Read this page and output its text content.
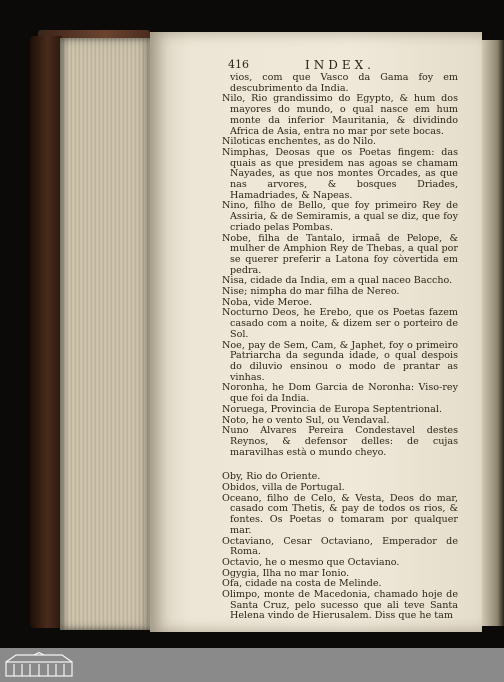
416	INDEX.
vios, com que Vasco da Gama foy em descubrimento da India.
Nilo, Rio grandissimo do Egypto, & hum dos mayores do mundo, o qual nasce em hum monte da inferior Mauritania, & dividindo Africa de Asia, entra no mar por sete bocas.
Niloticas enchentes, as do Nilo.
Nimphas, Deosas que os Poetas fingem: das quais as que presidem nas agoas se chamam Nayades, as que nos montes Orcades, as que nas arvores, & bosques Driades, Hamadriades, & Napeas.
Nino, filho de Bello, que foy primeiro Rey de Assiria, & de Semiramis, a qual se diz, que foy criado pelas Pombas.
Nobe, filha de Tantalo, irmaã de Pelope, & mulher de Amphion Rey de Thebas, a qual por se querer preferir a Latona foy còvertida em pedra.
Nisa, cidade da India, em a qual naceo Baccho.
Nise; nimpha do mar filha de Nereo.
Noba, vide Meroe.
Nocturno Deos, he Erebo, que os Poetas fazem casado com a noite, & dizem ser o porteiro de Sol.
Noe, pay de Sem, Cam, & Japhet, foy o primeiro Patriarcha da segunda idade, o qual despois do diluvio ensinou o modo de prantar as vinhas.
Noronha, he Dom Garcia de Noronha: Viso-rey que foi da India.
Noruega, Provincia de Europa Septentrional.
Noto, he o vento Sul, ou Vendaval.
Nuno Alvares Pereira Condestavel destes Reynos, & defensor delles: de cujas maravilhas està o mundo cheyo.
Oby, Rio do Oriente.
Obidos, villa de Portugal.
Oceano, filho de Celo, & Vesta, Deos do mar, casado com Thetis, & pay de todos os rios, & fontes. Os Poetas o tomaram por qualquer mar.
Octaviano, Cesar Octaviano, Emperador de Roma.
Octavio, he o mesmo que Octaviano.
Ogygia, Ilha no mar Ionio.
Ofa, cidade na costa de Melinde.
Olimpo, monte de Macedonia, chamado hoje de Santa Cruz, pelo sucesso que ali teve Santa Helena vindo de Hierusalem. Diss que he tam
